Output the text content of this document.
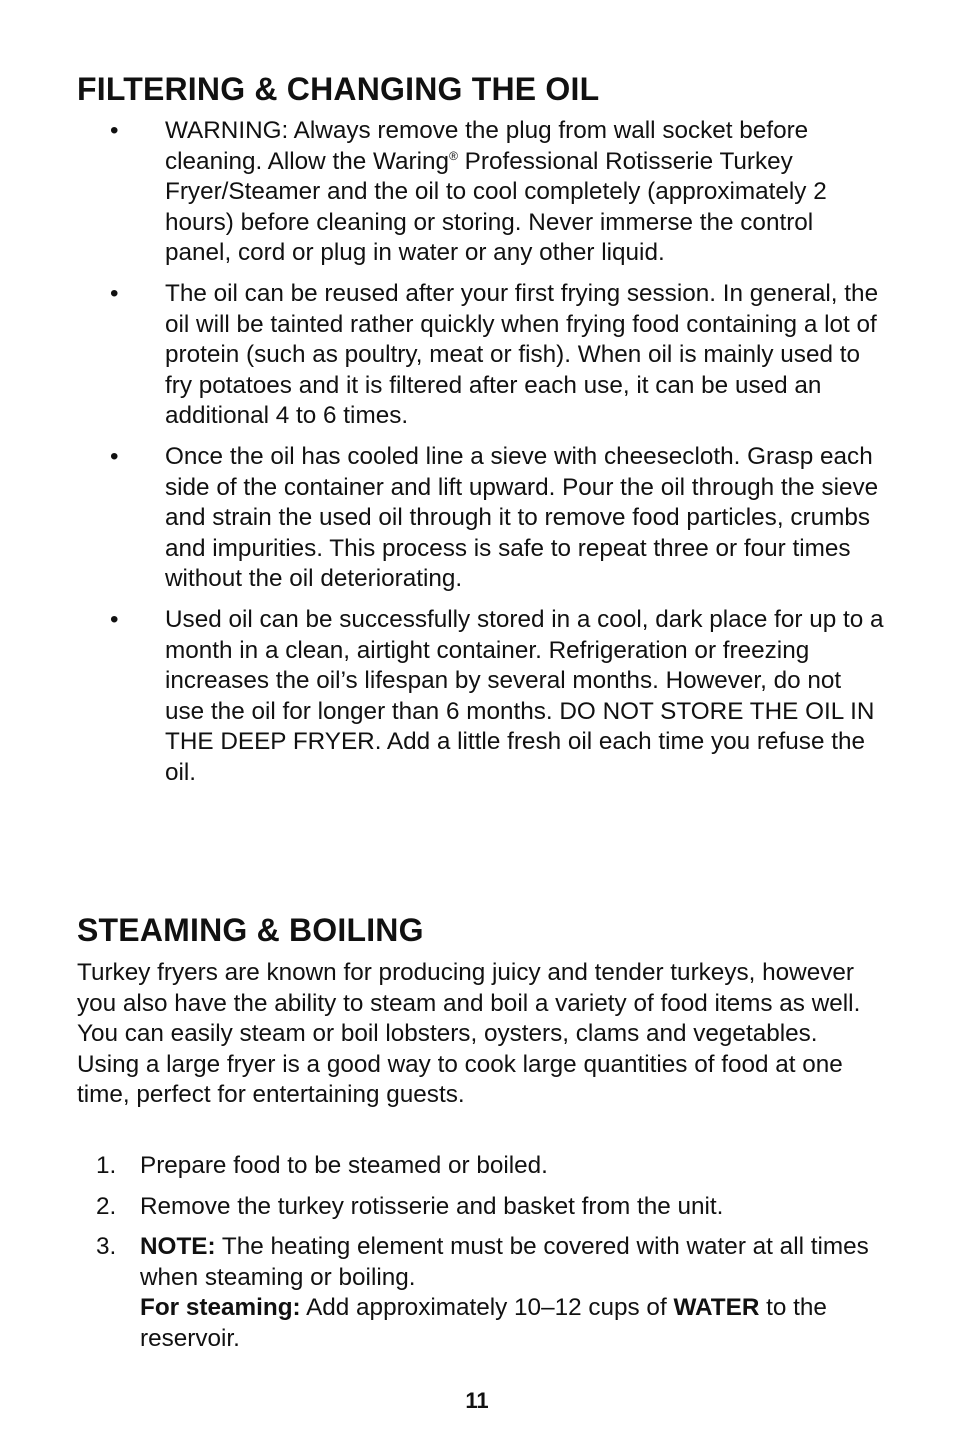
FILTERING & CHANGING THE OIL
• WARNING: Always remove the plug from wall socket before cleaning. Allow the Waring® Professional Rotisserie Turkey Fryer/Steamer and the oil to cool completely (approximately 2 hours) before cleaning or storing. Never immerse the control panel, cord or plug in water or any other liquid.
• The oil can be reused after your first frying session. In general, the oil will be tainted rather quickly when frying food containing a lot of protein (such as poultry, meat or fish). When oil is mainly used to fry potatoes and it is filtered after each use, it can be used an additional 4 to 6 times.
• Once the oil has cooled line a sieve with cheesecloth. Grasp each side of the container and lift upward. Pour the oil through the sieve and strain the used oil through it to remove food particles, crumbs and impurities. This process is safe to repeat three or four times without the oil deteriorating.
• Used oil can be successfully stored in a cool, dark place for up to a month in a clean, airtight container. Refrigeration or freezing increases the oil’s lifespan by several months. However, do not use the oil for longer than 6 months. DO NOT STORE THE OIL IN THE DEEP FRYER. Add a little fresh oil each time you refuse the oil.
STEAMING & BOILING

Turkey fryers are known for producing juicy and tender turkeys, however you also have the ability to steam and boil a variety of food items as well. You can easily steam or boil lobsters, oysters, clams and vegetables. Using a large fryer is a good way to cook large quantities of food at one time, perfect for entertaining guests.

1. Prepare food to be steamed or boiled.
2. Remove the turkey rotisserie and basket from the unit.
3. NOTE: The heating element must be covered with water at all times when steaming or boiling.
For steaming: Add approximately 10–12 cups of WATER to the reservoir.
11
